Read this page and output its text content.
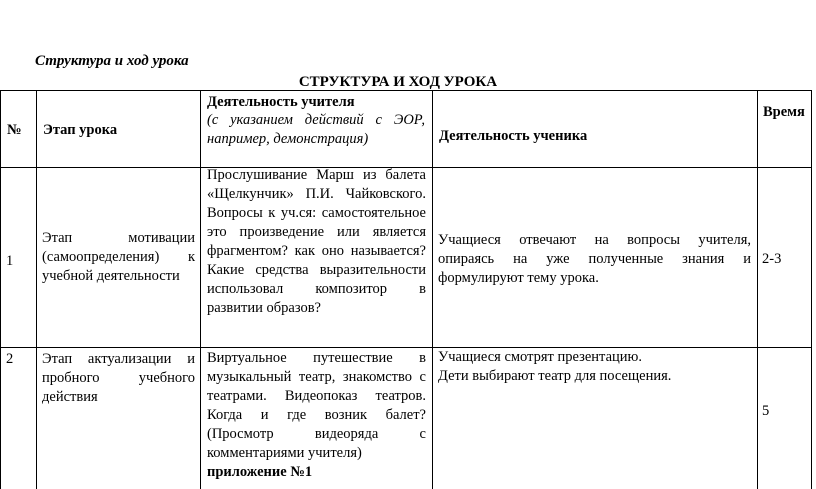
Структура и ход урока
СТРУКТУРА И ХОД УРОКА
№ Этап урока
Деятельность учителя
(с указанием действий с ЭОР, например, демонстрация)	Деятельность ученика
Время
1
Этап мотивации (самоопределения) к учебной деятельности
Прослушивание Марш из балета «Щелкунчик» П.И. Чайковского. Вопросы к уч.ся: самостоятельное это произведение или является фрагментом? как оно называется? Какие средства выразительности использовал композитор в развитии образов?
Учащиеся отвечают на вопросы учителя, опираясь на уже полученные знания и формулируют тему урока.
2-3
2 Этап актуализации и пробного учебного действия
Виртуальное путешествие в музыкальный театр, знакомство с театрами. Видеопоказ театров. Когда и где возник балет? (Просмотр видеоряда с комментариями учителя)
приложение №1
Учащиеся смотрят презентацию.
Дети выбирают театр для посещения.
5
